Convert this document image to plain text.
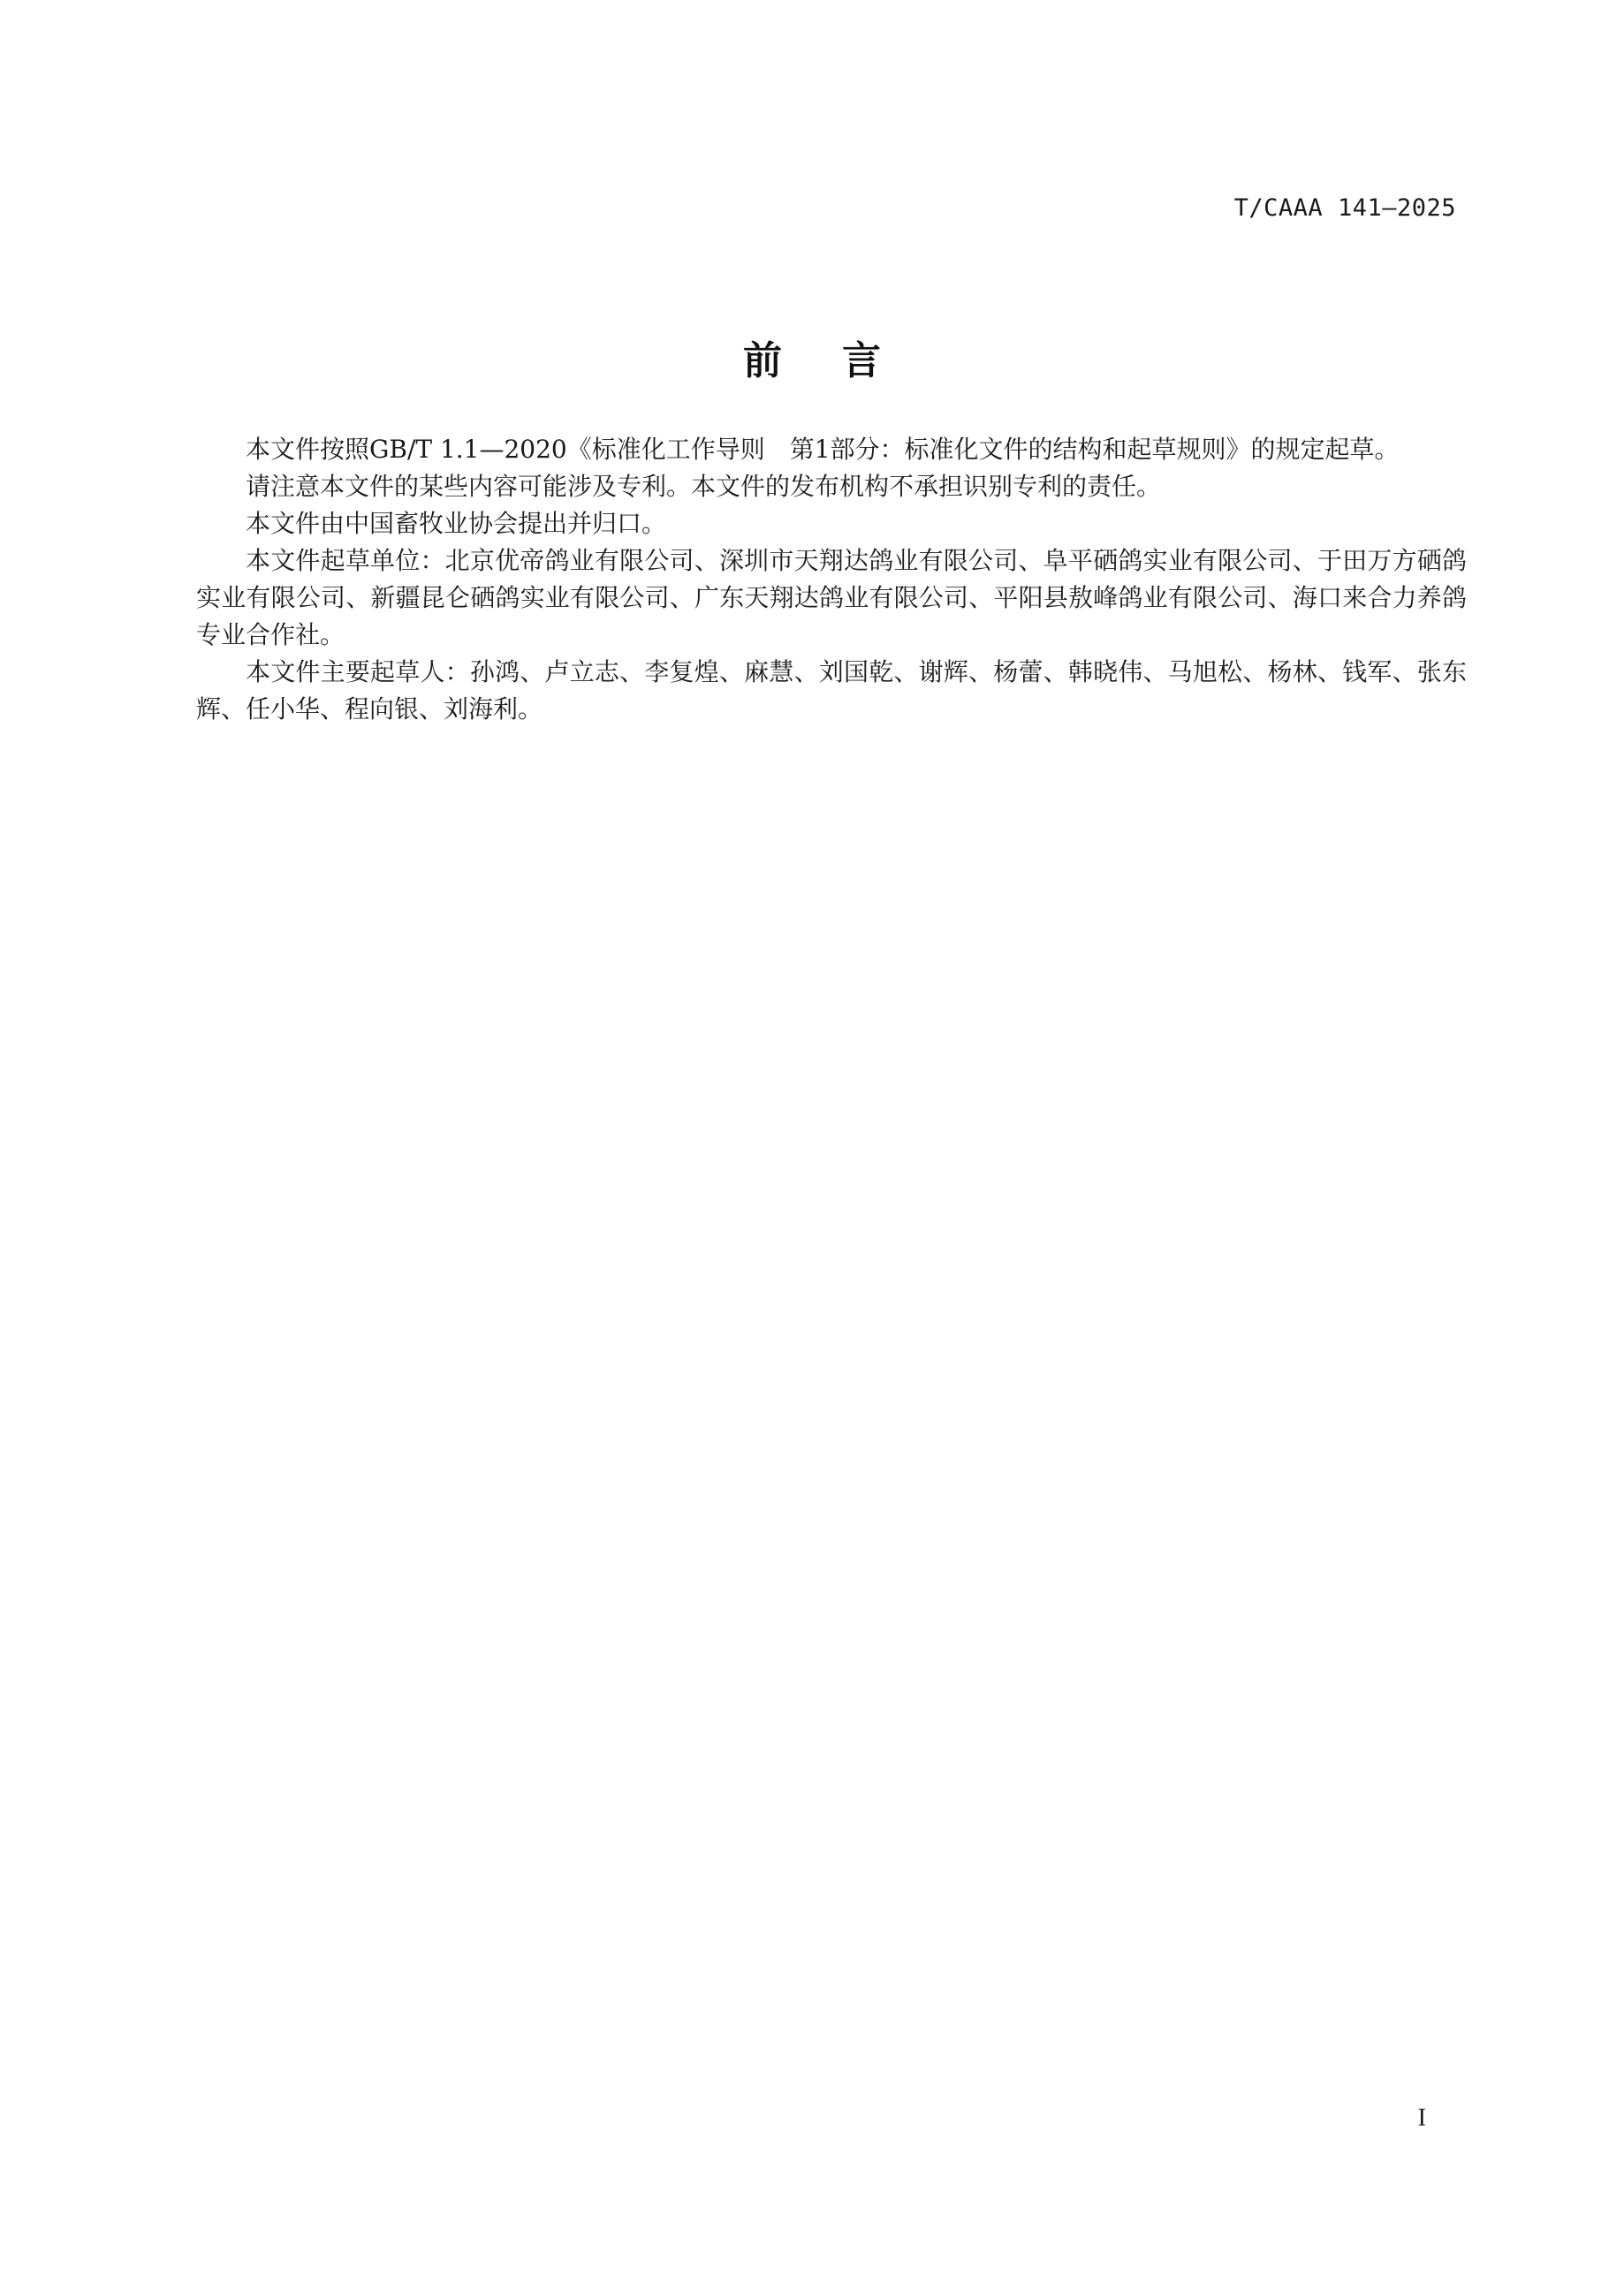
T/CAAA 141—2025
前言

本文件按照GB/T 1.1—2020《标准化工作导则　第1部分：标准化文件的结构和起草规则》的规定起草。

请注意本文件的某些内容可能涉及专利。本文件的发布机构不承担识别专利的责任。

本文件由中国畜牧业协会提出并归口。

本文件起草单位：北京优帝鸽业有限公司、深圳市天翔达鸽业有限公司、阜平硒鸽实业有限公司、于田万方硒鸽实业有限公司、新疆昆仑硒鸽实业有限公司、广东天翔达鸽业有限公司、平阳县敖峰鸽业有限公司、海口来合力养鸽专业合作社。

本文件主要起草人：孙鸿、卢立志、李复煌、麻慧、刘国乾、谢辉、杨蕾、韩晓伟、马旭松、杨林、钱军、张东辉、任小华、程向银、刘海利。

I
